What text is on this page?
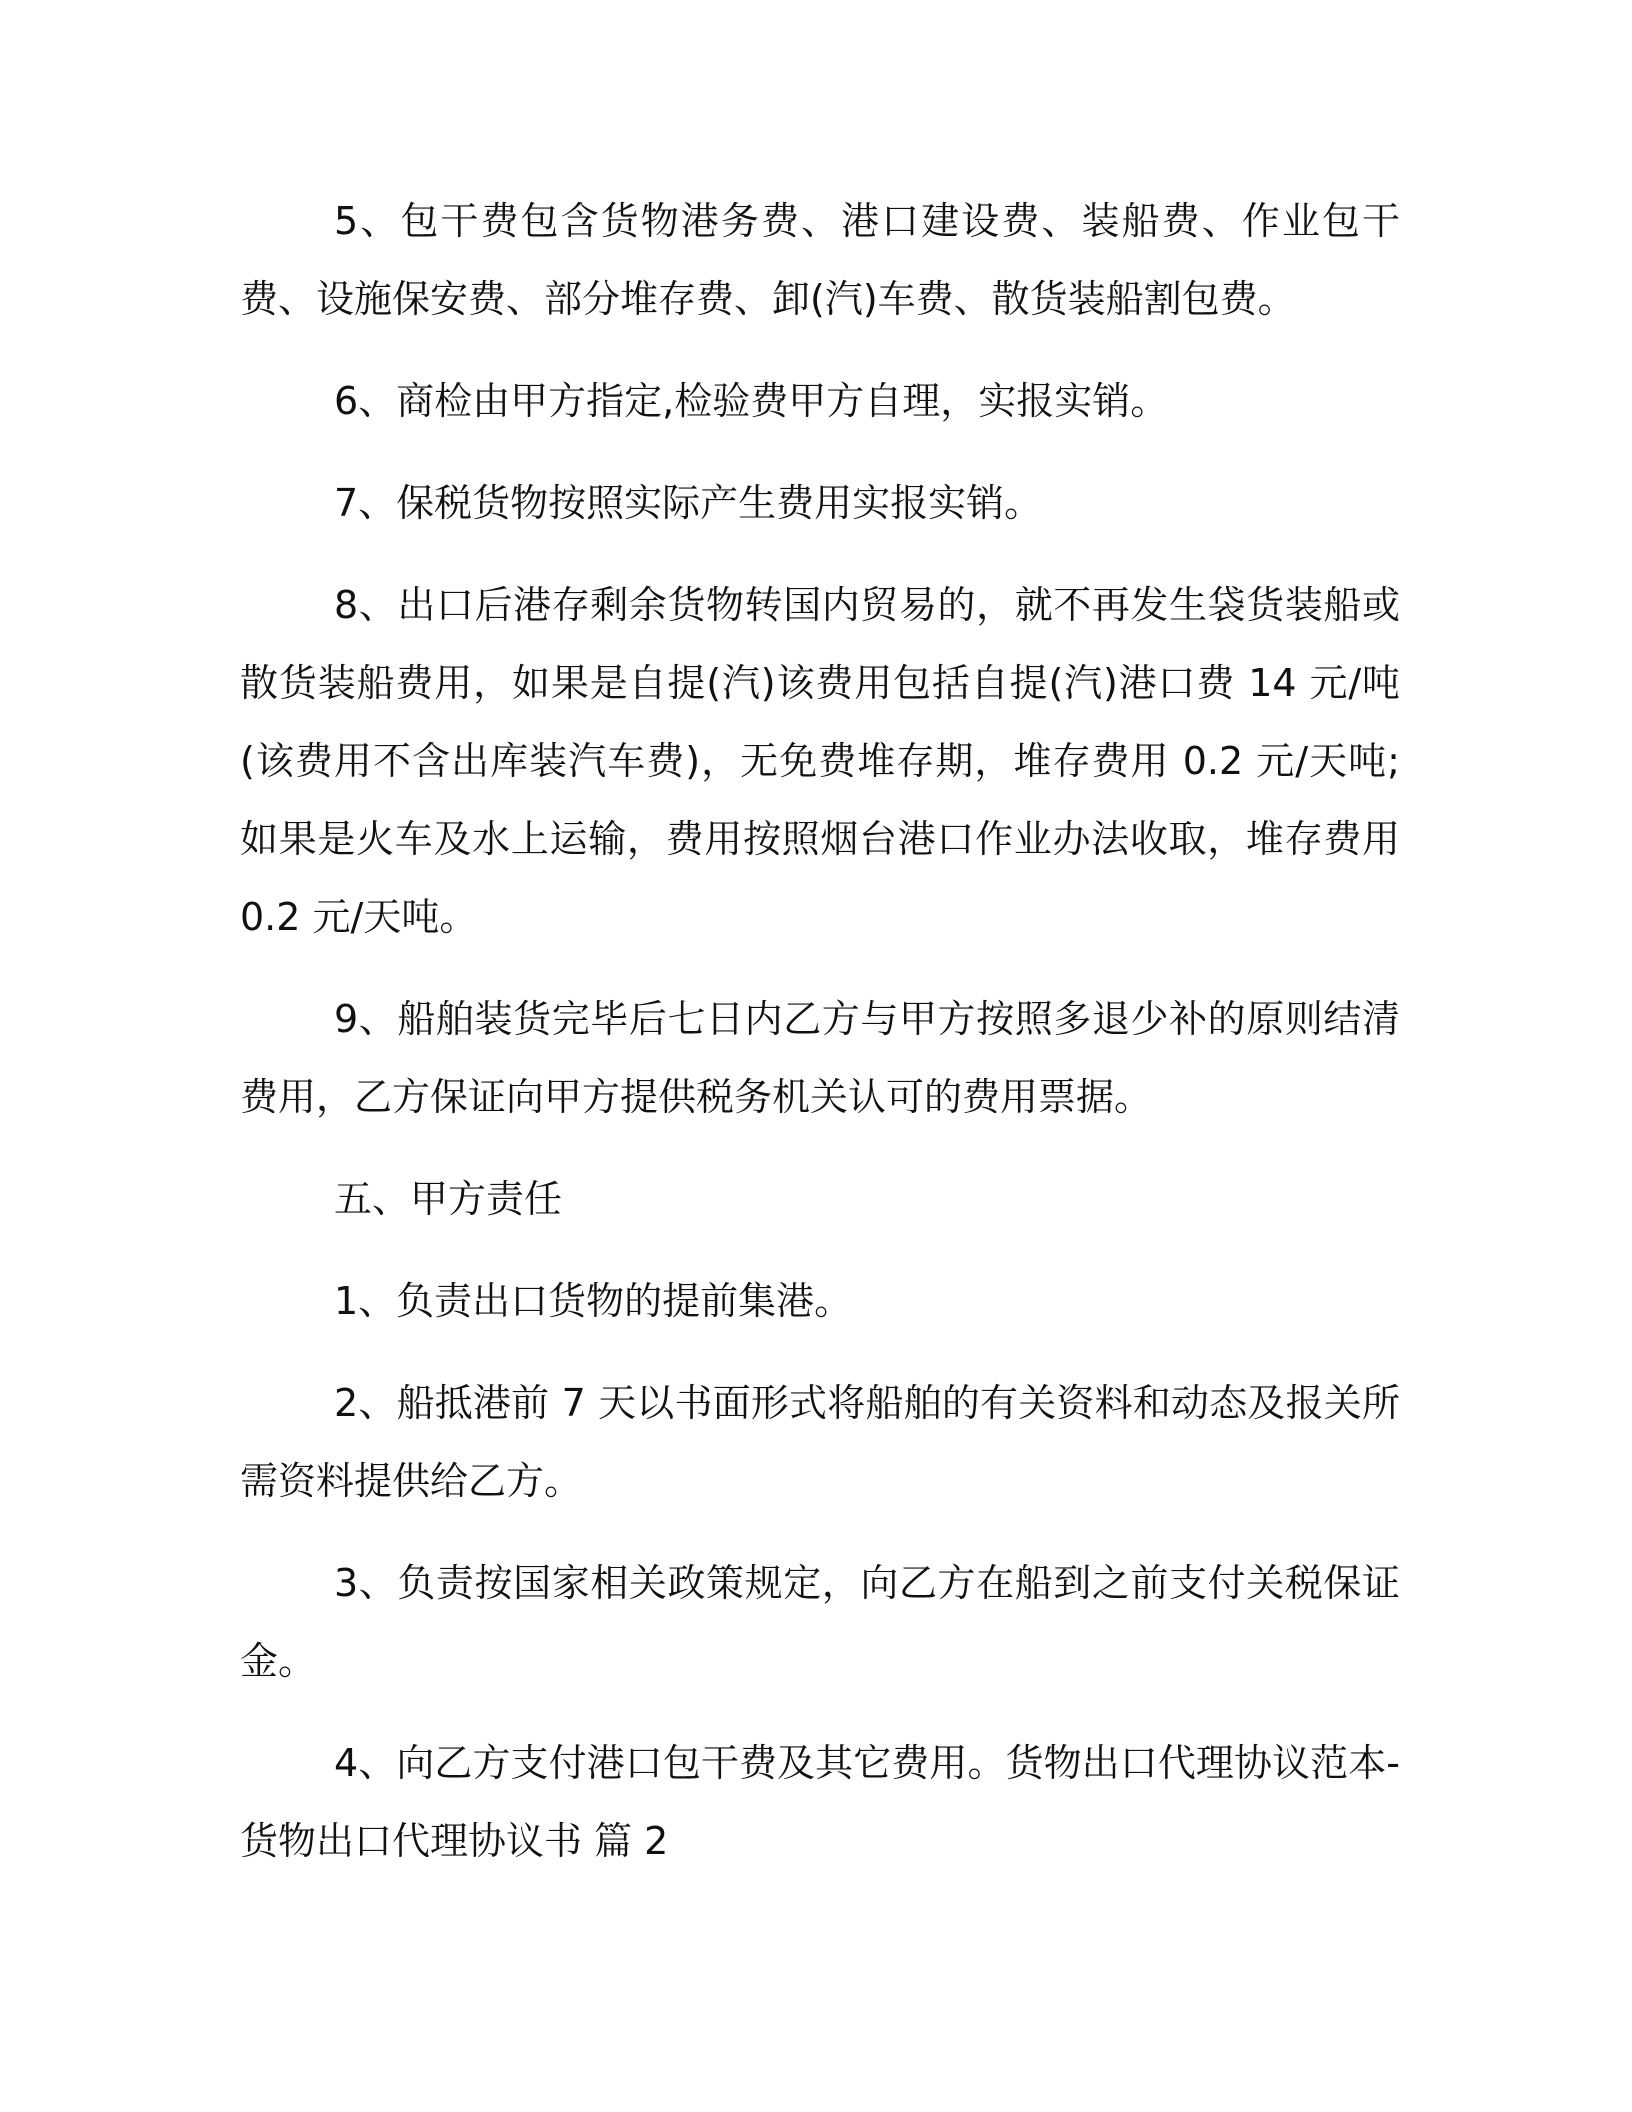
5、包干费包含货物港务费、港口建设费、装船费、作业包干费、设施保安费、部分堆存费、卸(汽)车费、散货装船割包费。

6、商检由甲方指定,检验费甲方自理，实报实销。

7、保税货物按照实际产生费用实报实销。

8、出口后港存剩余货物转国内贸易的，就不再发生袋货装船或散货装船费用，如果是自提(汽)该费用包括自提(汽)港口费 14 元/吨(该费用不含出库装汽车费)，无免费堆存期，堆存费用 0.2 元/天吨;如果是火车及水上运输，费用按照烟台港口作业办法收取，堆存费用 0.2 元/天吨。

9、船舶装货完毕后七日内乙方与甲方按照多退少补的原则结清费用，乙方保证向甲方提供税务机关认可的费用票据。

五、甲方责任

1、负责出口货物的提前集港。

2、船抵港前 7 天以书面形式将船舶的有关资料和动态及报关所需资料提供给乙方。

3、负责按国家相关政策规定，向乙方在船到之前支付关税保证金。

4、向乙方支付港口包干费及其它费用。货物出口代理协议范本-货物出口代理协议书 篇 2
